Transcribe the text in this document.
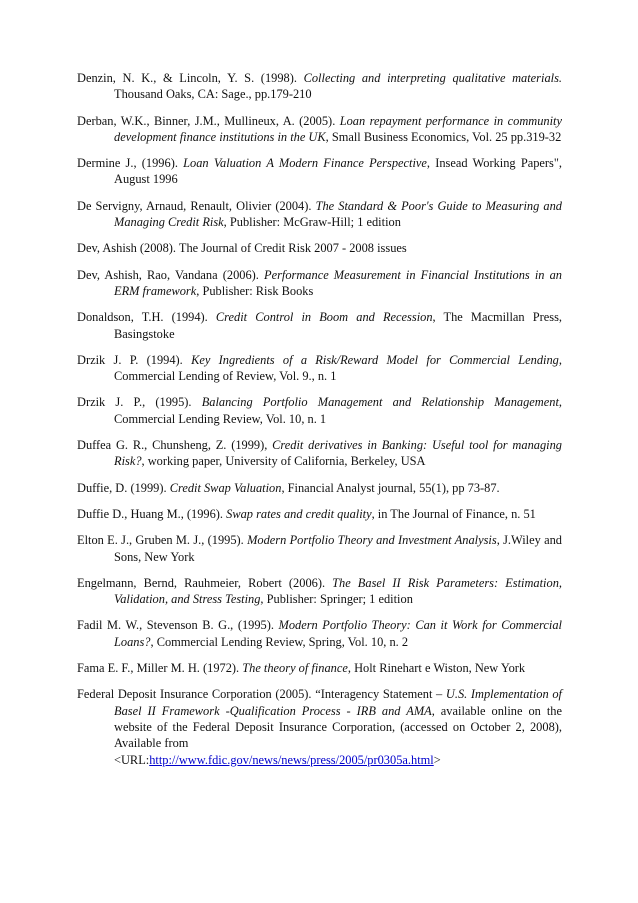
Denzin, N. K., & Lincoln, Y. S. (1998). Collecting and interpreting qualitative materials. Thousand Oaks, CA: Sage., pp.179-210

Derban, W.K., Binner, J.M., Mullineux, A. (2005). Loan repayment performance in community development finance institutions in the UK, Small Business Economics, Vol. 25 pp.319-32

Dermine J., (1996). Loan Valuation A Modern Finance Perspective, Insead Working Papers", August 1996

De Servigny, Arnaud, Renault, Olivier (2004). The Standard & Poor's Guide to Measuring and Managing Credit Risk, Publisher: McGraw-Hill; 1 edition

Dev, Ashish (2008). The Journal of Credit Risk 2007 - 2008 issues

Dev, Ashish, Rao, Vandana (2006). Performance Measurement in Financial Institutions in an ERM framework, Publisher: Risk Books

Donaldson, T.H. (1994). Credit Control in Boom and Recession, The Macmillan Press, Basingstoke

Drzik J. P. (1994). Key Ingredients of a Risk/Reward Model for Commercial Lending, Commercial Lending of Review, Vol. 9., n. 1

Drzik J. P., (1995). Balancing Portfolio Management and Relationship Management, Commercial Lending Review, Vol. 10, n. 1

Duffea G. R., Chunsheng, Z. (1999), Credit derivatives in Banking: Useful tool for managing Risk?, working paper, University of California, Berkeley, USA

Duffie, D. (1999). Credit Swap Valuation, Financial Analyst journal, 55(1), pp 73-87.

Duffie D., Huang M., (1996). Swap rates and credit quality, in The Journal of Finance, n. 51

Elton E. J., Gruben M. J., (1995). Modern Portfolio Theory and Investment Analysis, J.Wiley and Sons, New York

Engelmann, Bernd, Rauhmeier, Robert (2006). The Basel II Risk Parameters: Estimation, Validation, and Stress Testing, Publisher: Springer; 1 edition

Fadil M. W., Stevenson B. G., (1995). Modern Portfolio Theory: Can it Work for Commercial Loans?, Commercial Lending Review, Spring, Vol. 10, n. 2

Fama E. F., Miller M. H. (1972). The theory of finance, Holt Rinehart e Wiston, New York

Federal Deposit Insurance Corporation (2005). “Interagency Statement – U.S. Implementation of Basel II Framework -Qualification Process - IRB and AMA, available online on the website of the Federal Deposit Insurance Corporation, (accessed on October 2, 2008), Available from
<URL:http://www.fdic.gov/news/news/press/2005/pr0305a.html>
